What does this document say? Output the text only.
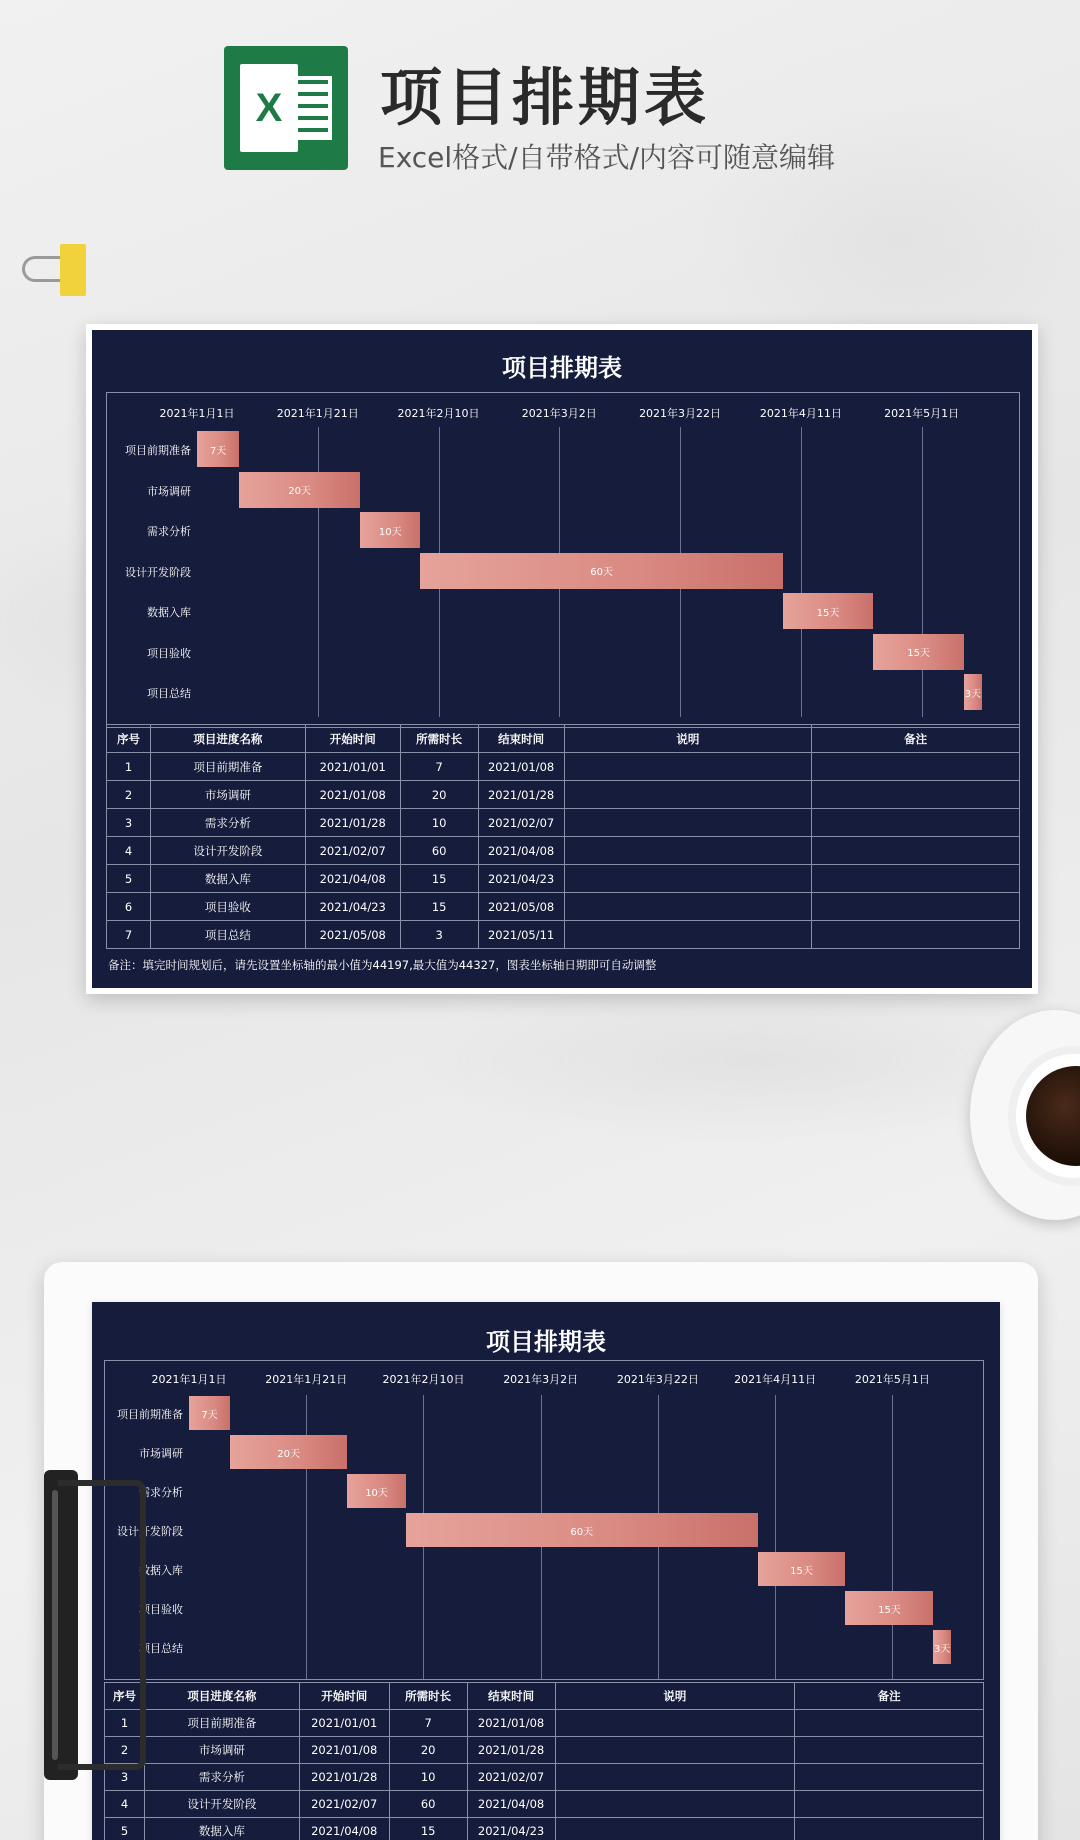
X 项目排期表
Excel格式/自带格式/内容可随意编辑
项目排期表
2021年1月1日	2021年1月21日	2021年2月10日	2021年3月2日	2021年3月22日	2021年4月11日	2021年5月1日
项目前期准备 7天
市场调研	20天
需求分析	10天
设计开发阶段	60天
数据入库	15天
项目验收	15天
项目总结	3天
序号	项目进度名称	开始时间	所需时长	结束时间	说明	备注
1	项目前期准备	2021/01/01	7	2021/01/08		
2	市场调研	2021/01/08	20	2021/01/28		
3	需求分析	2021/01/28	10	2021/02/07		
4	设计开发阶段	2021/02/07	60	2021/04/08		
5	数据入库	2021/04/08	15	2021/04/23		
6	项目验收	2021/04/23	15	2021/05/08		
7	项目总结	2021/05/08	3	2021/05/11		
备注：填完时间规划后，请先设置坐标轴的最小值为44197,最大值为44327，图表坐标轴日期即可自动调整
项目排期表
2021年1月1日	2021年1月21日	2021年2月10日	2021年3月2日	2021年3月22日	2021年4月11日	2021年5月1日
项目前期准备 7天
市场调研	20天
需求分析	10天
设计开发阶段	60天
数据入库	15天
项目验收	15天
项目总结	3天
序号	项目进度名称	开始时间	所需时长	结束时间	说明	备注
1	项目前期准备	2021/01/01	7	2021/01/08		
2	市场调研	2021/01/08	20	2021/01/28		
3	需求分析	2021/01/28	10	2021/02/07		
4	设计开发阶段	2021/02/07	60	2021/04/08		
5	数据入库	2021/04/08	15	2021/04/23		
